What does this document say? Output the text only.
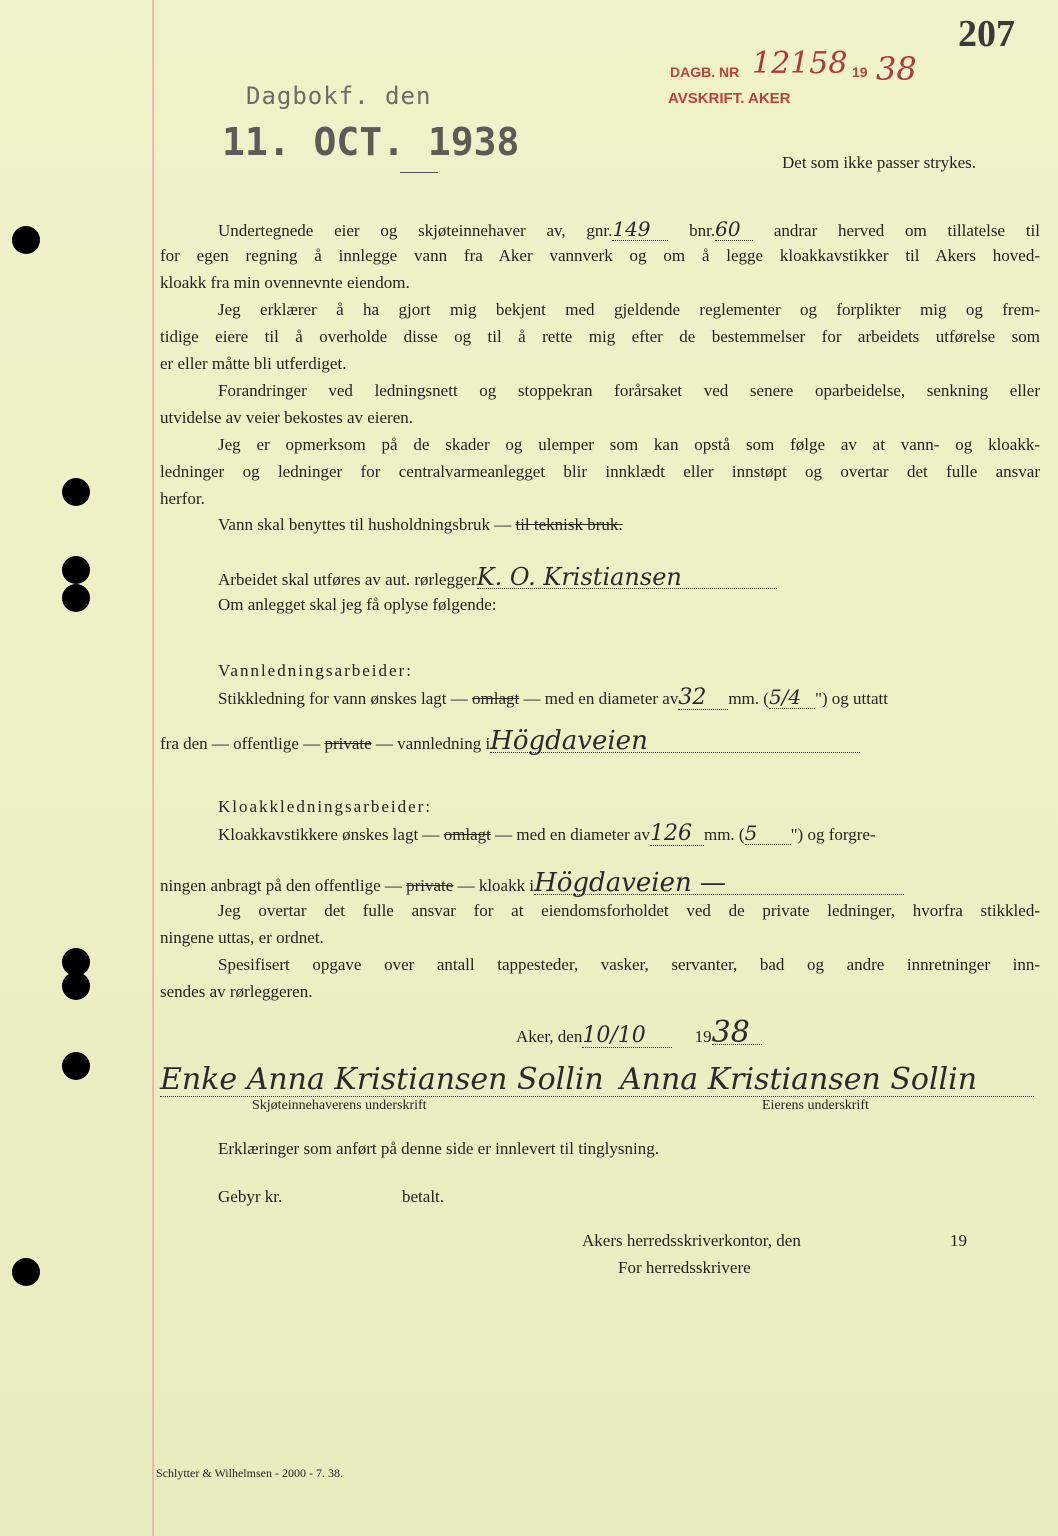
207
Dagbokf. den
11. OCT. 1938
DAGB. NR 12158 19 38
AVSKRIFT. AKER
Det som ikke passer strykes.
Undertegnede eier og skjøteinnehaver av, gnr.149 bnr.60 andrar herved om tillatelse til
for egen regning å innlegge vann fra Aker vannverk og om å legge kloakkavstikker til Akers hoved-
kloakk fra min ovennevnte eiendom.
Jeg erklærer å ha gjort mig bekjent med gjeldende reglementer og forplikter mig og frem-
tidige eiere til å overholde disse og til å rette mig efter de bestemmelser for arbeidets utførelse som
er eller måtte bli utferdiget.
Forandringer ved ledningsnett og stoppekran forårsaket ved senere oparbeidelse, senkning eller
utvidelse av veier bekostes av eieren.
Jeg er opmerksom på de skader og ulemper som kan opstå som følge av at vann- og kloakk-
ledninger og ledninger for centralvarmeanlegget blir innklædt eller innstøpt og overtar det fulle ansvar
herfor.
Vann skal benyttes til husholdningsbruk — til teknisk bruk.
Arbeidet skal utføres av aut. rørleggerK. O. Kristiansen
Om anlegget skal jeg få oplyse følgende:
Vannledningsarbeider:
Stikkledning for vann ønskes lagt — omlagt — med en diameter av32 mm. (5/4 ") og uttatt
fra den — offentlige — private — vannledning iHögdaveien
Kloakkledningsarbeider:
Kloakkavstikkere ønskes lagt — omlagt — med en diameter av126 mm. (5 ") og forgre-
ningen anbragt på den offentlige — private — kloakk iHögdaveien —
Jeg overtar det fulle ansvar for at eiendomsforholdet ved de private ledninger, hvorfra stikkled-
ningene uttas, er ordnet.
Spesifisert opgave over antall tappesteder, vasker, servanter, bad og andre innretninger inn-
sendes av rørleggeren.
Aker, den10/10	1938
Enke Anna Kristiansen Sollin Anna Kristiansen Sollin
Skjøteinnehaverens underskrift	Eierens underskrift
Erklæringer som anført på denne side er innlevert til tinglysning.
Gebyr kr.	betalt.
Akers herredsskriverkontor, den	19
For herredsskrivere
Schlytter & Wilhelmsen - 2000 - 7. 38.
